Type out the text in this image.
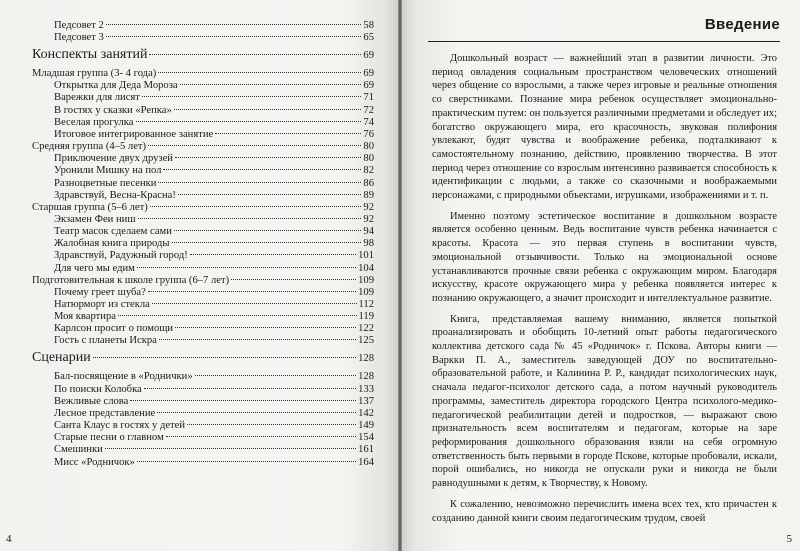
Педсовет 2	58
Педсовет 3	65
Конспекты занятий	69
Младшая группа (3- 4 года)	69
Открытка для Деда Мороза	69
Варежки для лисят	71
В гостях у сказки «Репка»	72
Веселая прогулка	74
Итоговое интегрированное занятие	76
Средняя группа (4–5 лет)	80
Приключение двух друзей	80
Уронили Мишку на пол	82
Разноцветные песенки	86
Здравствуй, Весна-Красна!	89
Старшая группа (5–6 лет)	92
Экзамен Феи ниш	92
Театр масок сделаем сами	94
Жалобная книга природы	98
Здравствуй, Радужный город!	101
Для чего мы едим	104
Подготовительная к школе группа (6–7 лет)	109
Почему греет шуба?	109
Натюрморт из стекла	112
Моя квартира	119
Карлсон просит о помощи	122
Гость с планеты Искра	125
Сценарии	128
Бал-посвящение в «Роднички»	128
По поиски Колобка	133
Вежливые слова	137
Лесное представление	142
Санта Клаус в гостях у детей	149
Старые песни о главном	154
Смешинки	161
Мисс «Родничок»	164
4
Введение

Дошкольный возраст — важнейший этап в развитии личности. Это период овладения социальным пространством человеческих отношений через общение со взрослыми, а также через игровые и реальные отношения со сверстниками. Познание мира ребенок осуществляет эмоционально-практическим путем: он пользуется различными предметами и обследует их; богатство окружающего мира, его красочность, звуковая полифония увлекают, будят чувства и воображение ребенка, подталкивают к самостоятельному познанию, действию, проявлению творчества. В этот период через отношение со взрослым интенсивно развивается способность к идентификации с людьми, а также со сказочными и воображаемыми персонажами, с природными объектами, игрушками, изображениями и т. п.

Именно поэтому эстетическое воспитание в дошкольном возрасте является особенно ценным. Ведь воспитание чувств ребенка начинается с красоты. Красота — это первая ступень в воспитании чувств, эмоциональной отзывчивости. Только на эмоциональной основе устанавливаются прочные связи ребенка с окружающим миром. Благодаря искусству, красоте окружающего мира у ребенка появляется интерес к познанию окружающего, а значит происходит и интеллектуальное развитие.

Книга, представляемая вашему вниманию, является попыткой проанализировать и обобщить 10-летний опыт работы педагогического коллектива детского сада № 45 «Родничок» г. Пскова. Авторы книги — Варкки П. А., заместитель заведующей ДОУ по воспитательно-образовательной работе, и Калинина Р. Р., кандидат психологических наук, сначала педагог-психолог детского сада, а потом научный руководитель программы, заместитель директора городского Центра психолого-медико-педагогической реабилитации детей и подростков, — выражают свою признательность всем воспитателям и педагогам, которые на заре реформирования дошкольного образования взяли на себя огромную ответственность быть первыми в городе Пскове, которые пробовали, искали, порой ошибались, но никогда не опускали руки и никогда не были равнодушными к детям, к Творчеству, к Новому.

К сожалению, невозможно перечислить имена всех тех, кто причастен к созданию данной книги своим педагогическим трудом, своей

5
